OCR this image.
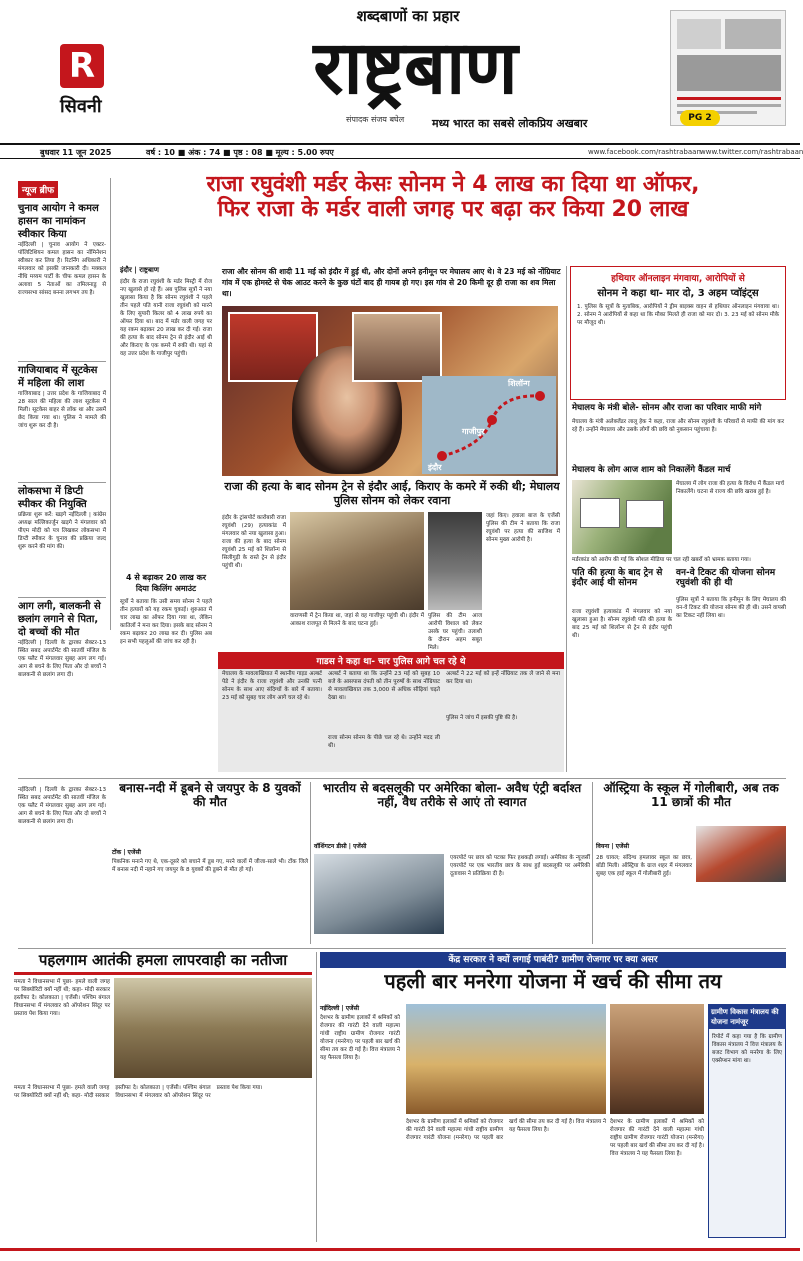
R
सिवनी
शब्दबाणों का प्रहार
राष्ट्रबाण
संपादक संजय बघेल	मध्य भारत का सबसे लोकप्रिय अखबार	PG 2
बुधवार 11 जून 2025	वर्ष : 10 ■ अंक : 74 ■ पृष्ठ : 08 ■ मूल्य : 5.00 रुपए	www.facebook.com/rashtrabaan www.twitter.com/rashtrabaan
न्यूज ब्रीफ
चुनाव आयोग ने कमल हासन का नामांकन स्वीकार किया
नईदिल्ली | चुनाव आयोग ने एक्टर-पॉलिटिशियन कमल हासन का नॉमिनेशन स्वीकार कर लिया है। रिटर्निंग अधिकारी ने मंगलवार को इसकी जानकारी दी। मक्कल नीधि मय्यम पार्टी के चीफ कमल हासन के अलावा 5 नेताओं का तमिलनाडु से राज्यसभा सांसद बनना लगभग तय है।
गाजियाबाद में सूटकेस में महिला की लाश
गाजियाबाद | उत्तर प्रदेश के गाजियाबाद में 28 साल की महिला की लाश सूटकेस में मिली। सूटकेस बाहर से लॉक था और उसमें छेद किया गया था। पुलिस ने मामले की जांच शुरू कर दी है।
लोकसभा में डिप्टी स्पीकर की नियुक्ति
प्रक्रिया शुरू करें: खड़गे नईदिल्ली | कांग्रेस अध्यक्ष मल्लिकार्जुन खड़गे ने मंगलवार को पीएम मोदी को पत्र लिखकर लोकसभा में डिप्टी स्पीकर के चुनाव की प्रक्रिया जल्द शुरू करने की मांग की।
आग लगी, बालकनी से छलांग लगाने से पिता, दो बच्चों की मौत
नईदिल्ली | दिल्ली के द्वारका सेक्टर-13 स्थित सबद अपार्टमेंट की सातवीं मंजिल के एक फ्लैट में मंगलवार सुबह आग लग गई। आग से बचने के लिए पिता और दो बच्चों ने बालकनी से छलांग लगा दी।
राजा रघुवंशी मर्डर केसः सोनम ने 4 लाख का दिया था ऑफर,
फिर राजा के मर्डर वाली जगह पर बढ़ा कर किया 20 लाख
इंदौर | राष्ट्रबाण
इंदौर के राजा रघुवंशी के मर्डर मिस्ट्री में रोज नए खुलासे हो रहे हैं। अब पुलिस सूत्रों ने नया खुलासा किया है कि सोनम रघुवंशी ने पहले तीन पहले पति यानी राजा रघुवंशी को मारने के लिए सुपारी किलर को 4 लाख रुपये का ऑफर दिया था। बाद में मर्डर वाली जगह पर यह रकम बढ़ाकर 20 लाख कर दी गई। राजा की हत्या के बाद सोनम ट्रेन से इंदौर आई थी और किराए के एक कमरे में रुकी थी। यहां से वह उत्तर प्रदेश के गाजीपुर पहुंची।
4 से बढ़ाकर 20 लाख कर दिया किलिंग अमाउंट
सूत्रों ने बताया कि उसी समय सोनम ने पहले तीन हत्यारों को यह रकम चुकाई। शुरुआत में चार लाख का ऑफर दिया गया था, लेकिन कातिलों ने मना कर दिया। इसके बाद सोनम ने रकम बढ़ाकर 20 लाख कर दी। पुलिस अब इन सभी पहलुओं की जांच कर रही है।
राजा और सोनम की शादी 11 मई को इंदौर में हुई थी, और दोनों अपने हनीमून पर मेघालय आए थे। वे 23 मई को नोंग्रियाट गांव में एक होमस्टे से चेक आउट करने के कुछ घंटों बाद ही गायब हो गए। इस गांव से 20 किमी दूर ही राजा का शव मिला था।
शिलॉन्ग
गाजीपुर
इंदौर
राजा की हत्या के बाद सोनम ट्रेन से इंदौर आई, किराए के कमरे में रुकी थी; मेघालय पुलिस सोनम को लेकर रवाना
इंदौर के ट्रांसपोर्ट कारोबारी राजा रघुवंशी (29) हत्याकांड में मंगलवार को नया खुलासा हुआ। राजा की हत्या के बाद सोनम रघुवंशी 25 मई को शिलॉन्ग से सिलीगुड़ी के रास्ते ट्रेन से इंदौर पहुंची थी।
वाराणसी में ट्रेन किया था, जहां से वह गाजीपुर पहुंची थी। इंदौर में आकाश राजपूत से मिलने के बाद घटना हुई।
पुलिस की टीम आज आरोपी विशाल को लेकर उसके घर पहुंची। तलाशी के दौरान अहम सबूत मिले।
जहां किए। हवाला बाज के एजेंसी पुलिस की टीम ने बताया कि राजा रघुवंशी पर हत्या की साजिश में सोनम मुख्य आरोपी है।
गाडस ने कहा था- चार पुलिस आगे चल रहे थे
मेघालय के मावलाखियात में स्थानीय गाइड अल्बर्ट पेडे ने इंदौर के राजा रघुवंशी और उनकी पत्नी सोनम के साथ आए संदिग्धों के बारे में बताया। 23 मई को सुबह चार लोग आगे चल रहे थे।
अल्बर्ट ने बताया था कि उन्होंने 23 मई को सुबह 10 बजे के आसपास दंपती को तीन पुरुषों के साथ नोंग्रियाट से मावलाखियात तक 3,000 से अधिक सीढ़ियां चढ़ते देखा था।
राजा सोनम सोनम के पीछे चल रहे थे। उन्होंने मदद ली थी।
अल्बर्ट ने 22 मई को इन्हें नोंग्रियाट तक ले जाने से मना कर दिया था।
पुलिस ने जांच में इसकी पुष्टि की है।
हथियार ऑनलाइन मंगवाया, आरोपियों से
सोनम ने कहा था- मार दो, 3 अहम प्वॉइंट्स
1. पुलिस के सूत्रों के मुताबिक, आरोपियों ने ड्रीम बाइक्स वाहन से हथियार ऑनलाइन मंगवाया था। 2. सोनम ने आरोपियों से कहा था कि मौका मिलते ही राजा को मार दो। 3. 23 मई को सोनम मौके पर मौजूद थी।
मेघालय के मंत्री बोले- सोनम और राजा का परिवार माफी मांगे
मेघालय के मंत्री अलेक्जेंडर लालू हेक ने कहा, राजा और सोनम रघुवंशी के परिवारों से माफी की मांग कर रहे हैं। उन्होंने मेघालय और उसके लोगों की छवि को नुकसान पहुंचाया है।
मेघालय के लोग आज शाम को निकालेंगे कैंडल मार्च
मेघालय में लोग राजा की हत्या के विरोध में कैंडल मार्च निकालेंगे। घटना से राज्य की छवि खराब हुई है।
मर्डरकांड को आरोप की गई कि सोशल मीडिया पर चल रही खबरों को भ्रामक बताया गया।
पति की हत्या के बाद ट्रेन से इंदौर आई थी सोनम
राजा रघुवंशी हत्याकांड में मंगलवार को नया खुलासा हुआ है। सोनम रघुवंशी पति की हत्या के बाद 25 मई को शिलॉन्ग से ट्रेन से इंदौर पहुंची थी।
वन-वे टिकट की योजना सोनम रघुवंशी की ही थी
पुलिस सूत्रों ने बताया कि हनीमून के लिए मेघालय की वन-वे टिकट की योजना सोनम की ही थी। उसने वापसी का टिकट नहीं लिया था।
बनास-नदी में डूबने से जयपुर के 8 युवकों की मौत
टोंक | एजेंसी
पिकनिक मनाने गए थे, एक-दूसरे को बचाने में डूब गए, मरने वालों में जीजा-साले भी। टोंक जिले में बनास नदी में नहाने गए जयपुर के 8 युवकों की डूबने से मौत हो गई।
नईदिल्ली | दिल्ली के द्वारका सेक्टर-13 स्थित सबद अपार्टमेंट की सातवीं मंजिल के एक फ्लैट में मंगलवार सुबह आग लग गई। आग से बचने के लिए पिता और दो बच्चों ने बालकनी से छलांग लगा दी।
भारतीय से बदसलूकी पर अमेरिका बोला- अवैध एंट्री बर्दाश्त नहीं, वैध तरीके से आएं तो स्वागत
वॉशिंगटन डीसी | एजेंसी
एयरपोर्ट पर छात्र को पटका फिर हथकड़ी लगाई। अमेरिका के न्यूजर्सी एयरपोर्ट पर एक भारतीय छात्र के साथ हुई बदसलूकी पर अमेरिकी दूतावास ने प्रतिक्रिया दी है।
ऑस्ट्रिया के स्कूल में गोलीबारी, अब तक 11 छात्रों की मौत
वियना | एजेंसी
28 घायल; संदिग्ध हमलावर स्कूल का छात्र, बॉडी मिली। ऑस्ट्रिया के ग्राज शहर में मंगलवार सुबह एक हाई स्कूल में गोलीबारी हुई।
पहलगाम आतंकी हमला लापरवाही का नतीजा
ममता ने विधानसभा में पूछा- हमले वाली जगह पर सिक्योरिटी क्यों नहीं थी; कहा- मोदी सरकार इस्तीफा दे। कोलकाता | एजेंसी। पश्चिम बंगाल विधानसभा में मंगलवार को ऑपरेशन सिंदूर पर प्रस्ताव पेश किया गया।
ममता ने विधानसभा में पूछा- हमले वाली जगह पर सिक्योरिटी क्यों नहीं थी; कहा- मोदी सरकार इस्तीफा दे। कोलकाता | एजेंसी। पश्चिम बंगाल विधानसभा में मंगलवार को ऑपरेशन सिंदूर पर प्रस्ताव पेश किया गया।
केंद्र सरकार ने क्यों लगाई पाबंदी? ग्रामीण रोजगार पर क्या असर
पहली बार मनरेगा योजना में खर्च की सीमा तय
नईदिल्ली | एजेंसी
देशभर के ग्रामीण इलाकों में श्रमिकों को रोजगार की गारंटी देने वाली महात्मा गांधी राष्ट्रीय ग्रामीण रोजगार गारंटी योजना (मनरेगा) पर पहली बार खर्च की सीमा तय कर दी गई है। वित्त मंत्रालय ने यह फैसला लिया है।
देशभर के ग्रामीण इलाकों में श्रमिकों को रोजगार की गारंटी देने वाली महात्मा गांधी राष्ट्रीय ग्रामीण रोजगार गारंटी योजना (मनरेगा) पर पहली बार खर्च की सीमा तय कर दी गई है। वित्त मंत्रालय ने यह फैसला लिया है।
देशभर के ग्रामीण इलाकों में श्रमिकों को रोजगार की गारंटी देने वाली महात्मा गांधी राष्ट्रीय ग्रामीण रोजगार गारंटी योजना (मनरेगा) पर पहली बार खर्च की सीमा तय कर दी गई है। वित्त मंत्रालय ने यह फैसला लिया है।
ग्रामीण विकास मंत्रालय की योजना नामंजूर
रिपोर्ट में कहा गया है कि ग्रामीण विकास मंत्रालय ने वित्त मंत्रालय के बजट विभाग को मनरेगा के लिए एक्सेप्शन मांगा था।
